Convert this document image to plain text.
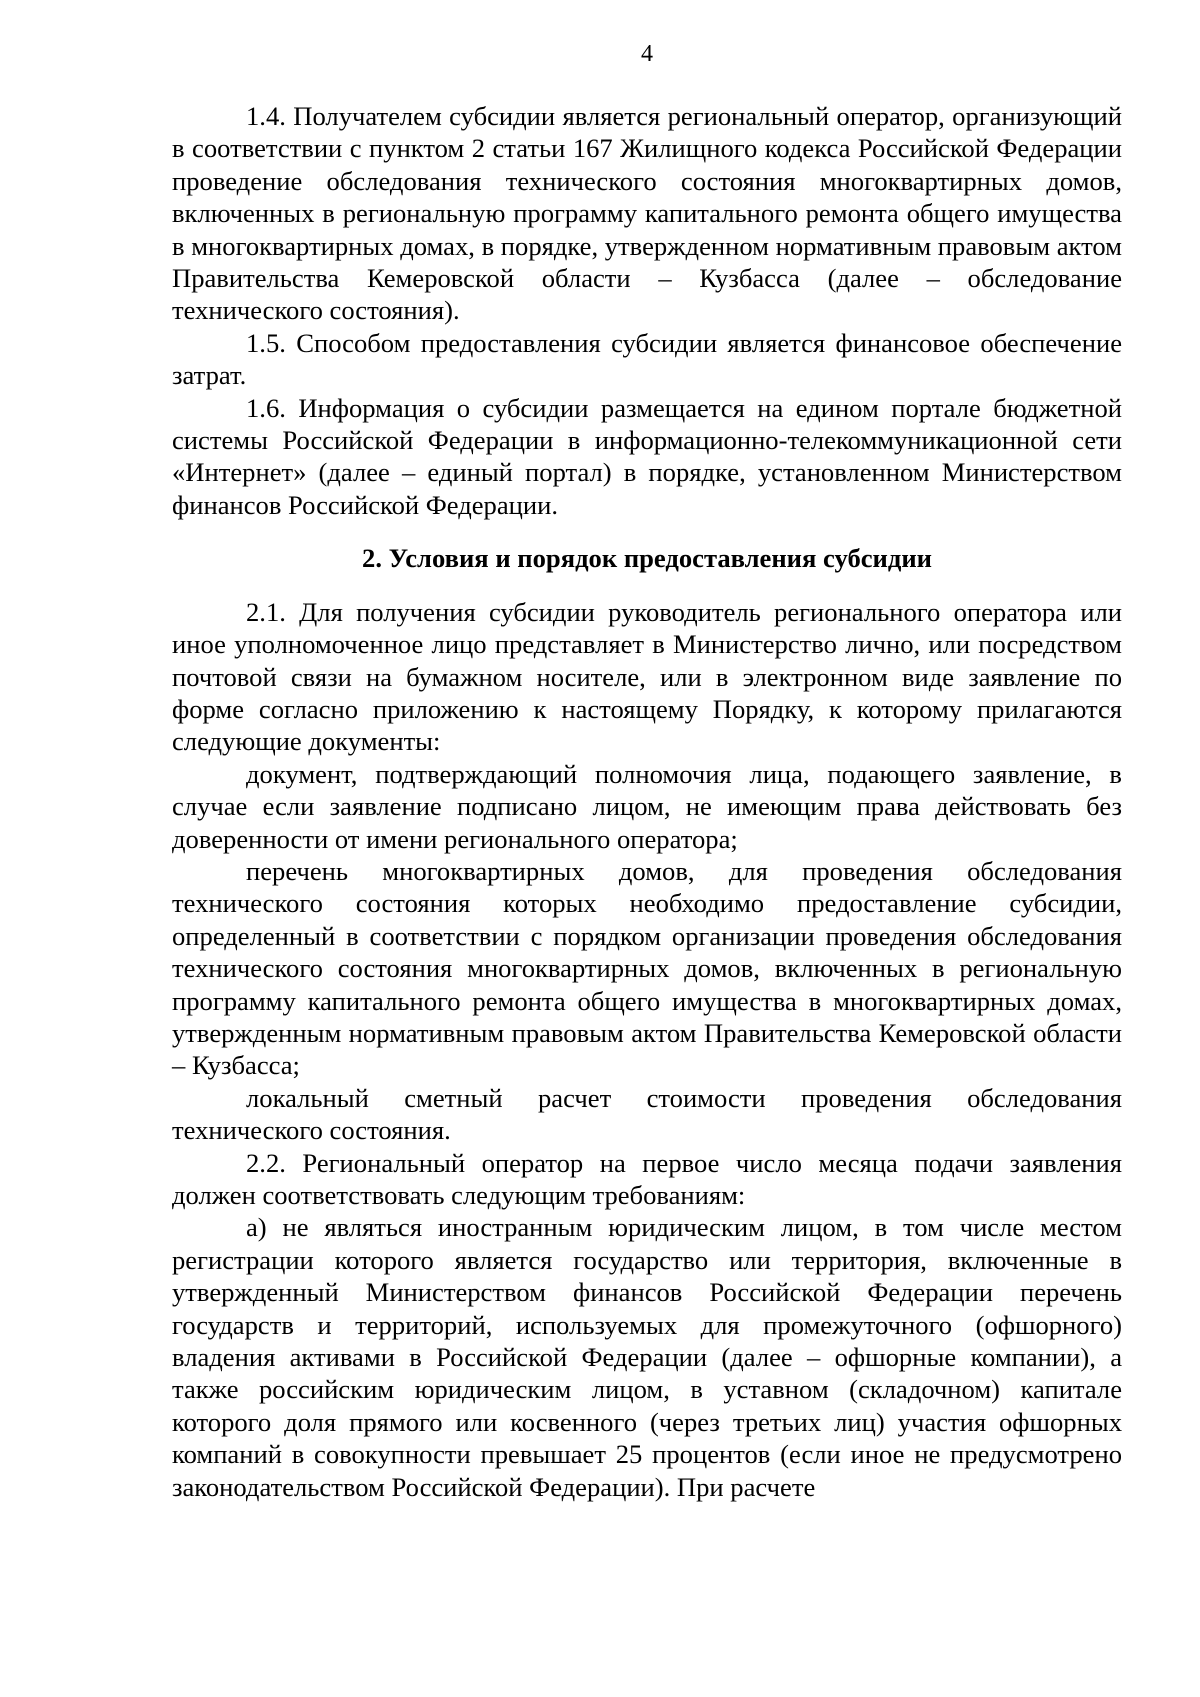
4

1.4. Получателем субсидии является региональный оператор, организующий в соответствии с пунктом 2 статьи 167 Жилищного кодекса Российской Федерации проведение обследования технического состояния многоквартирных домов, включенных в региональную программу капитального ремонта общего имущества в многоквартирных домах, в порядке, утвержденном нормативным правовым актом Правительства Кемеровской области – Кузбасса (далее – обследование технического состояния).

1.5. Способом предоставления субсидии является финансовое обеспечение затрат.

1.6. Информация о субсидии размещается на едином портале бюджетной системы Российской Федерации в информационно-телекоммуникационной сети «Интернет» (далее – единый портал) в порядке, установленном Министерством финансов Российской Федерации.

2. Условия и порядок предоставления субсидии

2.1. Для получения субсидии руководитель регионального оператора или иное уполномоченное лицо представляет в Министерство лично, или посредством почтовой связи на бумажном носителе, или в электронном виде заявление по форме согласно приложению к настоящему Порядку, к которому прилагаются следующие документы:

документ, подтверждающий полномочия лица, подающего заявление, в случае если заявление подписано лицом, не имеющим права действовать без доверенности от имени регионального оператора;

перечень многоквартирных домов, для проведения обследования технического состояния которых необходимо предоставление субсидии, определенный в соответствии с порядком организации проведения обследования технического состояния многоквартирных домов, включенных в региональную программу капитального ремонта общего имущества в многоквартирных домах, утвержденным нормативным правовым актом Правительства Кемеровской области – Кузбасса;

локальный сметный расчет стоимости проведения обследования технического состояния.

2.2. Региональный оператор на первое число месяца подачи заявления должен соответствовать следующим требованиям:

а) не являться иностранным юридическим лицом, в том числе местом регистрации которого является государство или территория, включенные в утвержденный Министерством финансов Российской Федерации перечень государств и территорий, используемых для промежуточного (офшорного) владения активами в Российской Федерации (далее – офшорные компании), а также российским юридическим лицом, в уставном (складочном) капитале которого доля прямого или косвенного (через третьих лиц) участия офшорных компаний в совокупности превышает 25 процентов (если иное не предусмотрено законодательством Российской Федерации). При расчете
